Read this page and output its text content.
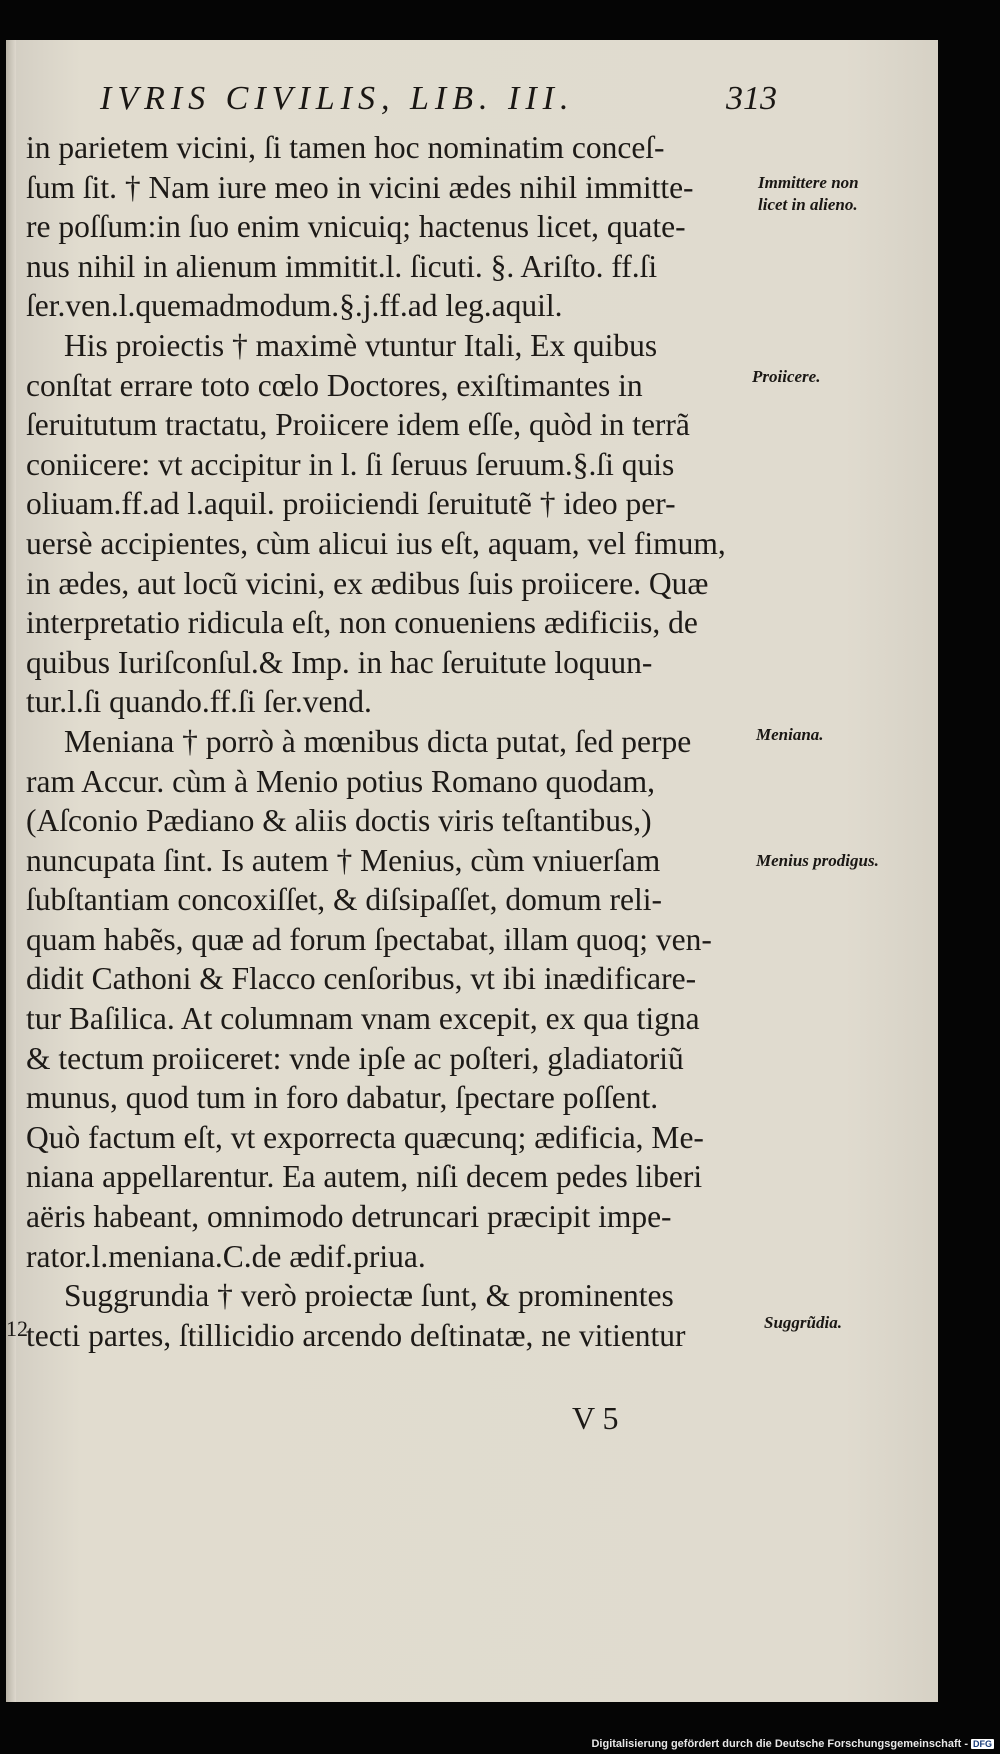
IVRIS CIVILIS, LIB. III.	313
in parietem vicini, ſi tamen hoc nominatim conceſ-
ſum ſit. † Nam iure meo in vicini ædes nihil immitte-
re poſſum:in ſuo enim vnicuiq; hactenus licet, quate-
nus nihil in alienum immitit.l. ſicuti. §. Ariſto. ff.ſi
ſer.ven.l.quemadmodum.§.j.ff.ad leg.aquil.
His proiectis † maximè vtuntur Itali, Ex quibus
conſtat errare toto cœlo Doctores, exiſtimantes in
ſeruitutum tractatu, Proiicere idem eſſe, quòd in terrã
coniicere: vt accipitur in l. ſi ſeruus ſeruum.§.ſi quis
oliuam.ff.ad l.aquil. proiiciendi ſeruitutẽ † ideo per-
uersè accipientes, cùm alicui ius eſt, aquam, vel fimum,
in ædes, aut locũ vicini, ex ædibus ſuis proiicere. Quæ
interpretatio ridicula eſt, non conueniens ædificiis, de
quibus Iuriſconſul.& Imp. in hac ſeruitute loquun-
tur.l.ſi quando.ff.ſi ſer.vend.
Meniana † porrò à mœnibus dicta putat, ſed perpe
ram Accur. cùm à Menio potius Romano quodam,
(Aſconio Pædiano & aliis doctis viris teſtantibus,)
nuncupata ſint. Is autem † Menius, cùm vniuerſam
ſubſtantiam concoxiſſet, & diſsipaſſet, domum reli-
quam habẽs, quæ ad forum ſpectabat, illam quoq; ven-
didit Cathoni & Flacco cenſoribus, vt ibi inædificare-
tur Baſilica. At columnam vnam excepit, ex qua tigna
& tectum proiiceret: vnde ipſe ac poſteri, gladiatoriũ
munus, quod tum in foro dabatur, ſpectare poſſent.
Quò factum eſt, vt exporrecta quæcunq; ædificia, Me-
niana appellarentur. Ea autem, niſi decem pedes liberi
aëris habeant, omnimodo detruncari præcipit impe-
rator.l.meniana.C.de ædif.priua.
Suggrundia † verò proiectæ ſunt, & prominentes
tecti partes, ſtillicidio arcendo deſtinatæ, ne vitientur
Immittere non licet in alieno.
Proiicere.
Meniana.
Menius prodigus.
Suggrũdia.
12
V 5
Digitalisierung gefördert durch die Deutsche Forschungsgemeinschaft - DFG
